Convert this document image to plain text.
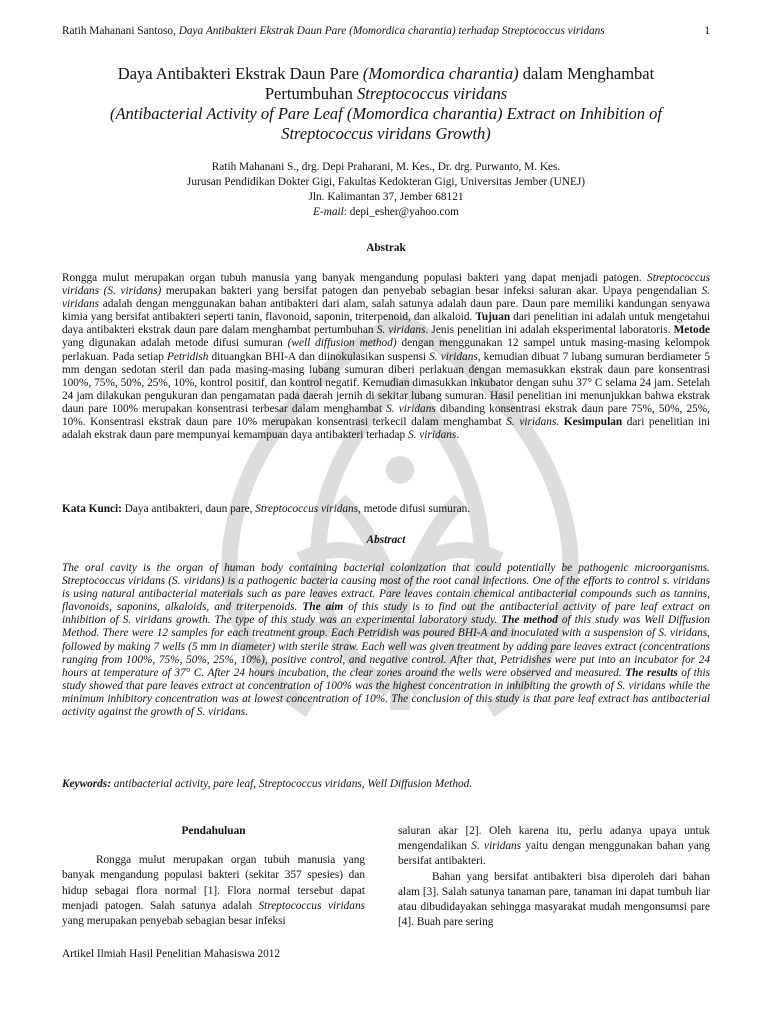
Ratih Mahanani Santoso, Daya Antibakteri Ekstrak Daun Pare (Momordica charantia) terhadap Streptococcus viridans	1
Daya Antibakteri Ekstrak Daun Pare (Momordica charantia) dalam Menghambat
Pertumbuhan Streptococcus viridans
(Antibacterial Activity of Pare Leaf (Momordica charantia) Extract on Inhibition of
Streptococcus viridans Growth)
Ratih Mahanani S., drg. Depi Praharani, M. Kes., Dr. drg. Purwanto, M. Kes.
Jurusan Pendidikan Dokter Gigi, Fakultas Kedokteran Gigi, Universitas Jember (UNEJ)
Jln. Kalimantan 37, Jember 68121
E-mail: depi_esher@yahoo.com
Abstrak
Rongga mulut merupakan organ tubuh manusia yang banyak mengandung populasi bakteri yang dapat menjadi patogen. Streptococcus viridans (S. viridans) merupakan bakteri yang bersifat patogen dan penyebab sebagian besar infeksi saluran akar. Upaya pengendalian S. viridans adalah dengan menggunakan bahan antibakteri dari alam, salah satunya adalah daun pare. Daun pare memiliki kandungan senyawa kimia yang bersifat antibakteri seperti tanin, flavonoid, saponin, triterpenoid, dan alkaloid. Tujuan dari penelitian ini adalah untuk mengetahui daya antibakteri ekstrak daun pare dalam menghambat pertumbuhan S. viridans. Jenis penelitian ini adalah eksperimental laboratoris. Metode yang digunakan adalah metode difusi sumuran (well diffusion method) dengan menggunakan 12 sampel untuk masing-masing kelompok perlakuan. Pada setiap Petridish dituangkan BHI-A dan diinokulasikan suspensi S. viridans, kemudian dibuat 7 lubang sumuran berdiameter 5 mm dengan sedotan steril dan pada masing-masing lubang sumuran diberi perlakuan dengan memasukkan ekstrak daun pare konsentrasi 100%, 75%, 50%, 25%, 10%, kontrol positif, dan kontrol negatif. Kemudian dimasukkan inkubator dengan suhu 37° C selama 24 jam. Setelah 24 jam dilakukan pengukuran dan pengamatan pada daerah jernih di sekitar lubang sumuran. Hasil penelitian ini menunjukkan bahwa ekstrak daun pare 100% merupakan konsentrasi terbesar dalam menghambat S. viridans dibanding konsentrasi ekstrak daun pare 75%, 50%, 25%, 10%. Konsentrasi ekstrak daun pare 10% merupakan konsentrasi terkecil dalam menghambat S. viridans. Kesimpulan dari penelitian ini adalah ekstrak daun pare mempunyai kemampuan daya antibakteri terhadap S. viridans.
Kata Kunci: Daya antibakteri, daun pare, Streptococcus viridans, metode difusi sumuran.
Abstract
The oral cavity is the organ of human body containing bacterial colonization that could potentially be pathogenic microorganisms. Streptococcus viridans (S. viridans) is a pathogenic bacteria causing most of the root canal infections. One of the efforts to control s. viridans is using natural antibacterial materials such as pare leaves extract. Pare leaves contain chemical antibacterial compounds such as tannins, flavonoids, saponins, alkaloids, and triterpenoids. The aim of this study is to find out the antibacterial activity of pare leaf extract on inhibition of S. viridans growth. The type of this study was an experimental laboratory study. The method of this study was Well Diffusion Method. There were 12 samples for each treatment group. Each Petridish was poured BHI-A and inoculated with a suspension of S. viridans, followed by making 7 wells (5 mm in diameter) with sterile straw. Each well was given treatment by adding pare leaves extract (concentrations ranging from 100%, 75%, 50%, 25%, 10%), positive control, and negative control. After that, Petridishes were put into an incubator for 24 hours at temperature of 37° C. After 24 hours incubation, the clear zones around the wells were observed and measured. The results of this study showed that pare leaves extract at concentration of 100% was the highest concentration in inhibiting the growth of S. viridans while the minimum inhibitory concentration was at lowest concentration of 10%. The conclusion of this study is that pare leaf extract has antibacterial activity against the growth of S. viridans.
Keywords: antibacterial activity, pare leaf, Streptococcus viridans, Well Diffusion Method.

Pendahuluan

Rongga mulut merupakan organ tubuh manusia yang banyak mengandung populasi bakteri (sekitar 357 spesies) dan hidup sebagai flora normal [1]. Flora normal tersebut dapat menjadi patogen. Salah satunya adalah Streptococcus viridans yang merupakan penyebab sebagian besar infeksi

saluran akar [2]. Oleh karena itu, perlu adanya upaya untuk mengendalikan S. viridans yaitu dengan menggunakan bahan yang bersifat antibakteri.

Bahan yang bersifat antibakteri bisa diperoleh dari bahan alam [3]. Salah satunya tanaman pare, tanaman ini dapat tumbuh liar atau dibudidayakan sehingga masyarakat mudah mengonsumsi pare [4]. Buah pare sering

Artikel Ilmiah Hasil Penelitian Mahasiswa 2012
